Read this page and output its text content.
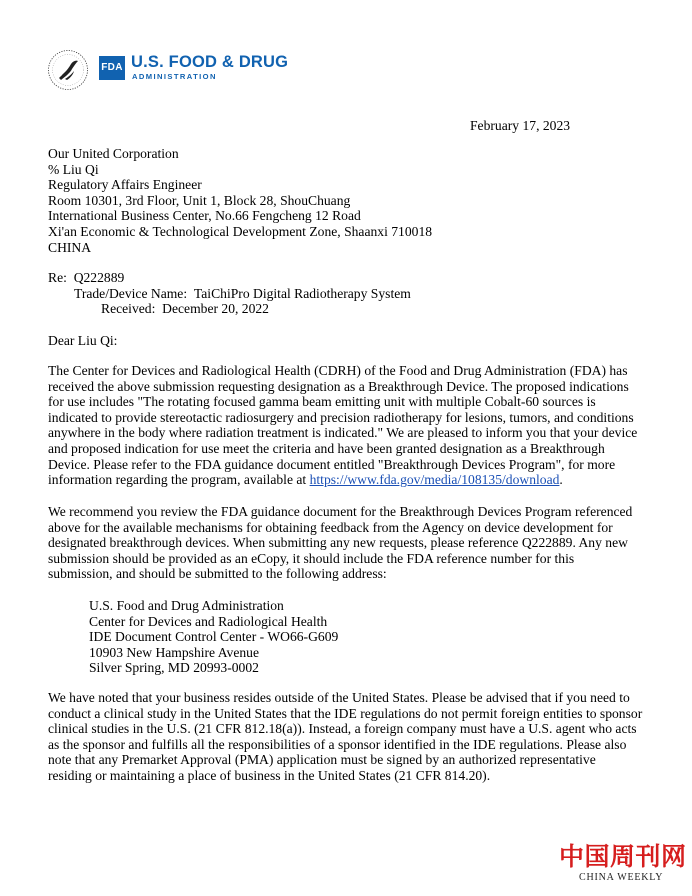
FDA U.S. FOOD & DRUG
ADMINISTRATION
February 17, 2023
Our United Corporation
% Liu Qi
Regulatory Affairs Engineer
Room 10301, 3rd Floor, Unit 1, Block 28, ShouChuang
International Business Center, No.66 Fengcheng 12 Road
Xi'an Economic & Technological Development Zone, Shaanxi 710018
CHINA
Re: Q222889
Trade/Device Name: TaiChiPro Digital Radiotherapy System
Received: December 20, 2022
Dear Liu Qi:
The Center for Devices and Radiological Health (CDRH) of the Food and Drug Administration (FDA) has
received the above submission requesting designation as a Breakthrough Device. The proposed indications
for use includes "The rotating focused gamma beam emitting unit with multiple Cobalt-60 sources is
indicated to provide stereotactic radiosurgery and precision radiotherapy for lesions, tumors, and conditions
anywhere in the body where radiation treatment is indicated." We are pleased to inform you that your device
and proposed indication for use meet the criteria and have been granted designation as a Breakthrough
Device. Please refer to the FDA guidance document entitled "Breakthrough Devices Program", for more
information regarding the program, available at https://www.fda.gov/media/108135/download.
We recommend you review the FDA guidance document for the Breakthrough Devices Program referenced
above for the available mechanisms for obtaining feedback from the Agency on device development for
designated breakthrough devices. When submitting any new requests, please reference Q222889. Any new
submission should be provided as an eCopy, it should include the FDA reference number for this
submission, and should be submitted to the following address:
U.S. Food and Drug Administration
Center for Devices and Radiological Health
IDE Document Control Center - WO66-G609
10903 New Hampshire Avenue
Silver Spring, MD 20993-0002
We have noted that your business resides outside of the United States. Please be advised that if you need to
conduct a clinical study in the United States that the IDE regulations do not permit foreign entities to sponsor
clinical studies in the U.S. (21 CFR 812.18(a)). Instead, a foreign company must have a U.S. agent who acts
as the sponsor and fulfills all the responsibilities of a sponsor identified in the IDE regulations. Please also
note that any Premarket Approval (PMA) application must be signed by an authorized representative
residing or maintaining a place of business in the United States (21 CFR 814.20).
中国周刊网
CHINA WEEKLY
